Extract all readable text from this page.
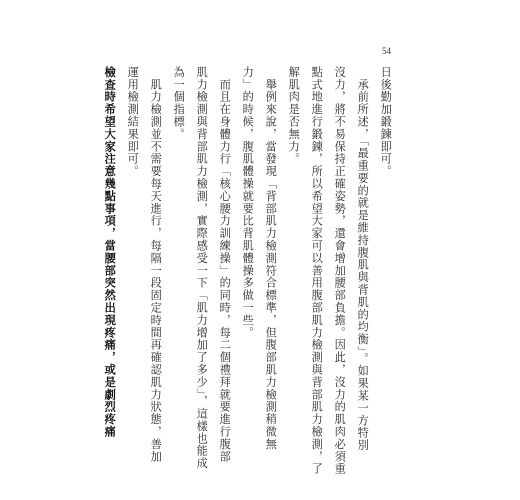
54
日後勤加鍛鍊即可。
　承前所述，「最重要的就是維持腹肌與背肌的均衡」。如果某一方特別
沒力，將不易保持正確姿勢，還會增加腰部負擔。因此，沒力的肌肉必須重
點式地進行鍛鍊，所以希望大家可以善用腹部肌力檢測與背部肌力檢測，了
解肌肉是否無力。
　舉例來說，當發現「背部肌力檢測符合標準，但腹部肌力檢測稍微無
力」的時候，腹肌體操就要比背肌體操多做一些。
　而且在身體力行「核心腰力訓練操」的同時，每二個禮拜就要進行腹部
肌力檢測與背部肌力檢測，實際感受一下「肌力增加了多少」，這樣也能成
為一個指標。
　肌力檢測並不需要每天進行，每隔一段固定時間再確認肌力狀態，善加
運用檢測結果即可。
檢查時希望大家注意幾點事項，當腰部突然出現疼痛，或是劇烈疼痛
